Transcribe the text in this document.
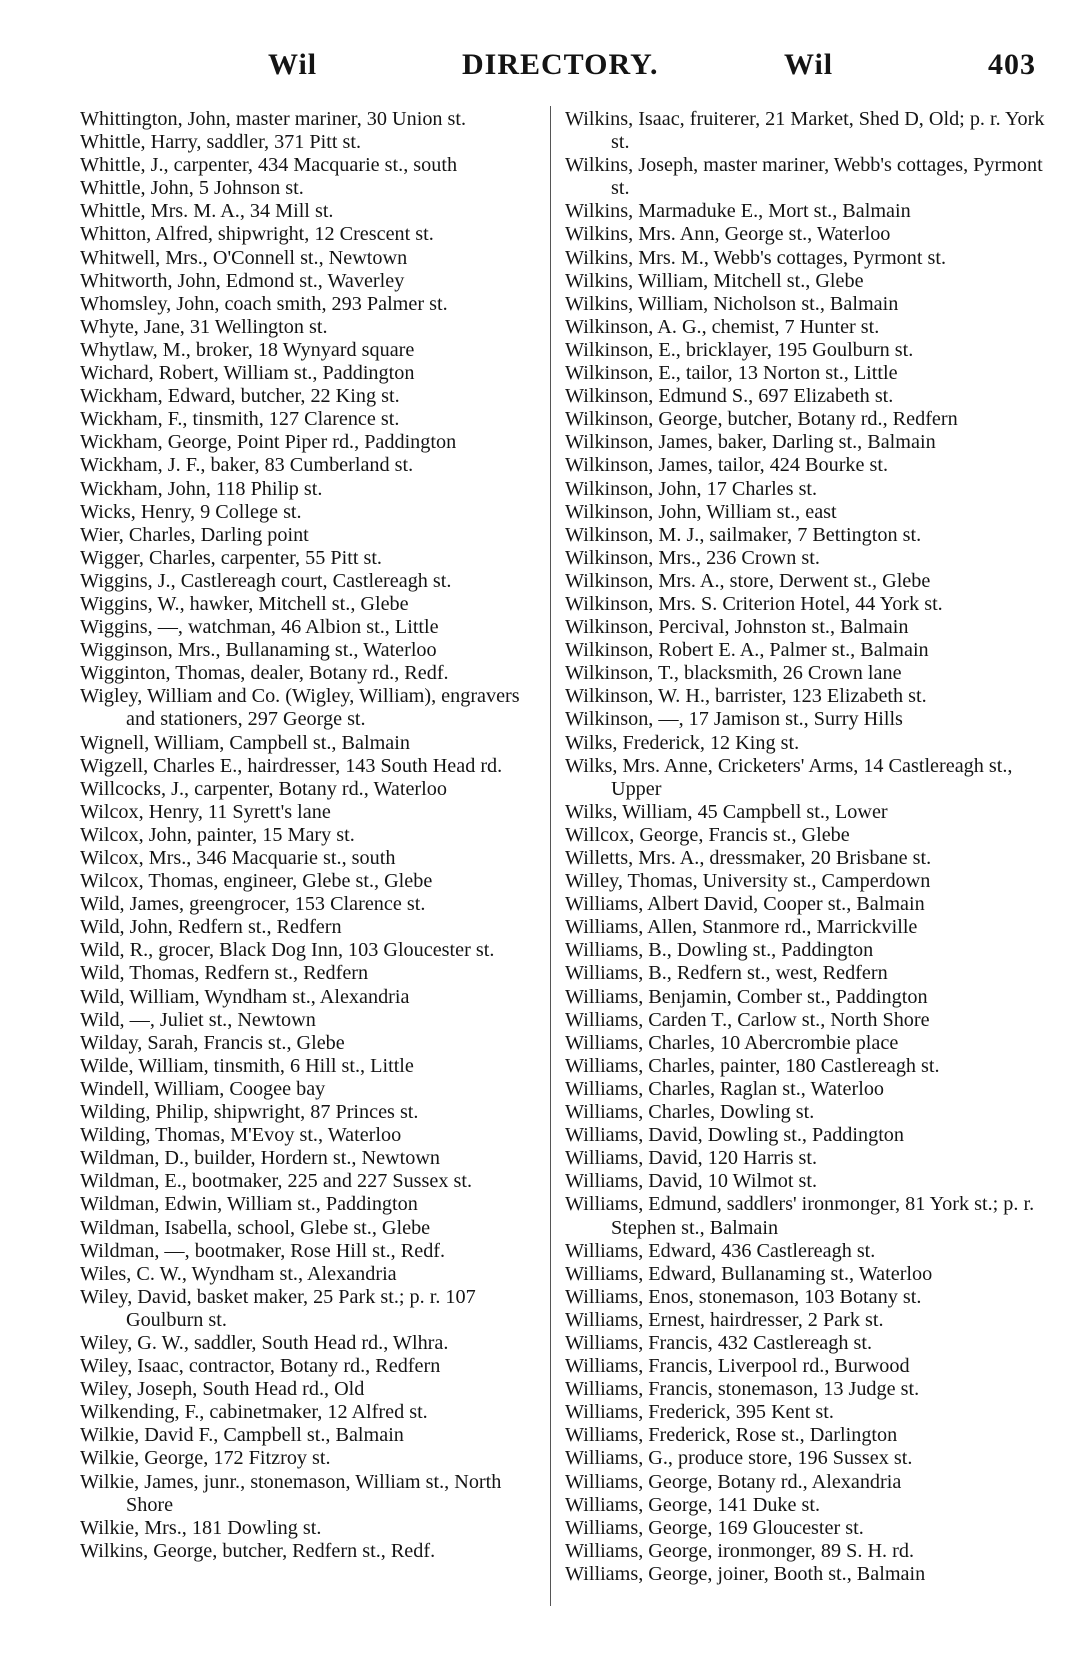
Wil	DIRECTORY.	Wil	403
Whittington, John, master mariner, 30 Union st.
Whittle, Harry, saddler, 371 Pitt st.
Whittle, J., carpenter, 434 Macquarie st., south
Whittle, John, 5 Johnson st.
Whittle, Mrs. M. A., 34 Mill st.
Whitton, Alfred, shipwright, 12 Crescent st.
Whitwell, Mrs., O'Connell st., Newtown
Whitworth, John, Edmond st., Waverley
Whomsley, John, coach smith, 293 Palmer st.
Whyte, Jane, 31 Wellington st.
Whytlaw, M., broker, 18 Wynyard square
Wichard, Robert, William st., Paddington
Wickham, Edward, butcher, 22 King st.
Wickham, F., tinsmith, 127 Clarence st.
Wickham, George, Point Piper rd., Paddington
Wickham, J. F., baker, 83 Cumberland st.
Wickham, John, 118 Philip st.
Wicks, Henry, 9 College st.
Wier, Charles, Darling point
Wigger, Charles, carpenter, 55 Pitt st.
Wiggins, J., Castlereagh court, Castlereagh st.
Wiggins, W., hawker, Mitchell st., Glebe
Wiggins, —, watchman, 46 Albion st., Little
Wigginson, Mrs., Bullanaming st., Waterloo
Wigginton, Thomas, dealer, Botany rd., Redf.
Wigley, William and Co. (Wigley, William), engravers and stationers, 297 George st.
Wignell, William, Campbell st., Balmain
Wigzell, Charles E., hairdresser, 143 South Head rd.
Willcocks, J., carpenter, Botany rd., Waterloo
Wilcox, Henry, 11 Syrett's lane
Wilcox, John, painter, 15 Mary st.
Wilcox, Mrs., 346 Macquarie st., south
Wilcox, Thomas, engineer, Glebe st., Glebe
Wild, James, greengrocer, 153 Clarence st.
Wild, John, Redfern st., Redfern
Wild, R., grocer, Black Dog Inn, 103 Gloucester st.
Wild, Thomas, Redfern st., Redfern
Wild, William, Wyndham st., Alexandria
Wild, —, Juliet st., Newtown
Wilday, Sarah, Francis st., Glebe
Wilde, William, tinsmith, 6 Hill st., Little
Windell, William, Coogee bay
Wilding, Philip, shipwright, 87 Princes st.
Wilding, Thomas, M'Evoy st., Waterloo
Wildman, D., builder, Hordern st., Newtown
Wildman, E., bootmaker, 225 and 227 Sussex st.
Wildman, Edwin, William st., Paddington
Wildman, Isabella, school, Glebe st., Glebe
Wildman, —, bootmaker, Rose Hill st., Redf.
Wiles, C. W., Wyndham st., Alexandria
Wiley, David, basket maker, 25 Park st.; p. r. 107 Goulburn st.
Wiley, G. W., saddler, South Head rd., Wlhra.
Wiley, Isaac, contractor, Botany rd., Redfern
Wiley, Joseph, South Head rd., Old
Wilkending, F., cabinetmaker, 12 Alfred st.
Wilkie, David F., Campbell st., Balmain
Wilkie, George, 172 Fitzroy st.
Wilkie, James, junr., stonemason, William st., North Shore
Wilkie, Mrs., 181 Dowling st.
Wilkins, George, butcher, Redfern st., Redf.
Wilkins, Isaac, fruiterer, 21 Market, Shed D, Old; p. r. York st.
Wilkins, Joseph, master mariner, Webb's cottages, Pyrmont st.
Wilkins, Marmaduke E., Mort st., Balmain
Wilkins, Mrs. Ann, George st., Waterloo
Wilkins, Mrs. M., Webb's cottages, Pyrmont st.
Wilkins, William, Mitchell st., Glebe
Wilkins, William, Nicholson st., Balmain
Wilkinson, A. G., chemist, 7 Hunter st.
Wilkinson, E., bricklayer, 195 Goulburn st.
Wilkinson, E., tailor, 13 Norton st., Little
Wilkinson, Edmund S., 697 Elizabeth st.
Wilkinson, George, butcher, Botany rd., Redfern
Wilkinson, James, baker, Darling st., Balmain
Wilkinson, James, tailor, 424 Bourke st.
Wilkinson, John, 17 Charles st.
Wilkinson, John, William st., east
Wilkinson, M. J., sailmaker, 7 Bettington st.
Wilkinson, Mrs., 236 Crown st.
Wilkinson, Mrs. A., store, Derwent st., Glebe
Wilkinson, Mrs. S. Criterion Hotel, 44 York st.
Wilkinson, Percival, Johnston st., Balmain
Wilkinson, Robert E. A., Palmer st., Balmain
Wilkinson, T., blacksmith, 26 Crown lane
Wilkinson, W. H., barrister, 123 Elizabeth st.
Wilkinson, —, 17 Jamison st., Surry Hills
Wilks, Frederick, 12 King st.
Wilks, Mrs. Anne, Cricketers' Arms, 14 Castlereagh st., Upper
Wilks, William, 45 Campbell st., Lower
Willcox, George, Francis st., Glebe
Willetts, Mrs. A., dressmaker, 20 Brisbane st.
Willey, Thomas, University st., Camperdown
Williams, Albert David, Cooper st., Balmain
Williams, Allen, Stanmore rd., Marrickville
Williams, B., Dowling st., Paddington
Williams, B., Redfern st., west, Redfern
Williams, Benjamin, Comber st., Paddington
Williams, Carden T., Carlow st., North Shore
Williams, Charles, 10 Abercrombie place
Williams, Charles, painter, 180 Castlereagh st.
Williams, Charles, Raglan st., Waterloo
Williams, Charles, Dowling st.
Williams, David, Dowling st., Paddington
Williams, David, 120 Harris st.
Williams, David, 10 Wilmot st.
Williams, Edmund, saddlers' ironmonger, 81 York st.; p. r. Stephen st., Balmain
Williams, Edward, 436 Castlereagh st.
Williams, Edward, Bullanaming st., Waterloo
Williams, Enos, stonemason, 103 Botany st.
Williams, Ernest, hairdresser, 2 Park st.
Williams, Francis, 432 Castlereagh st.
Williams, Francis, Liverpool rd., Burwood
Williams, Francis, stonemason, 13 Judge st.
Williams, Frederick, 395 Kent st.
Williams, Frederick, Rose st., Darlington
Williams, G., produce store, 196 Sussex st.
Williams, George, Botany rd., Alexandria
Williams, George, 141 Duke st.
Williams, George, 169 Gloucester st.
Williams, George, ironmonger, 89 S. H. rd.
Williams, George, joiner, Booth st., Balmain
